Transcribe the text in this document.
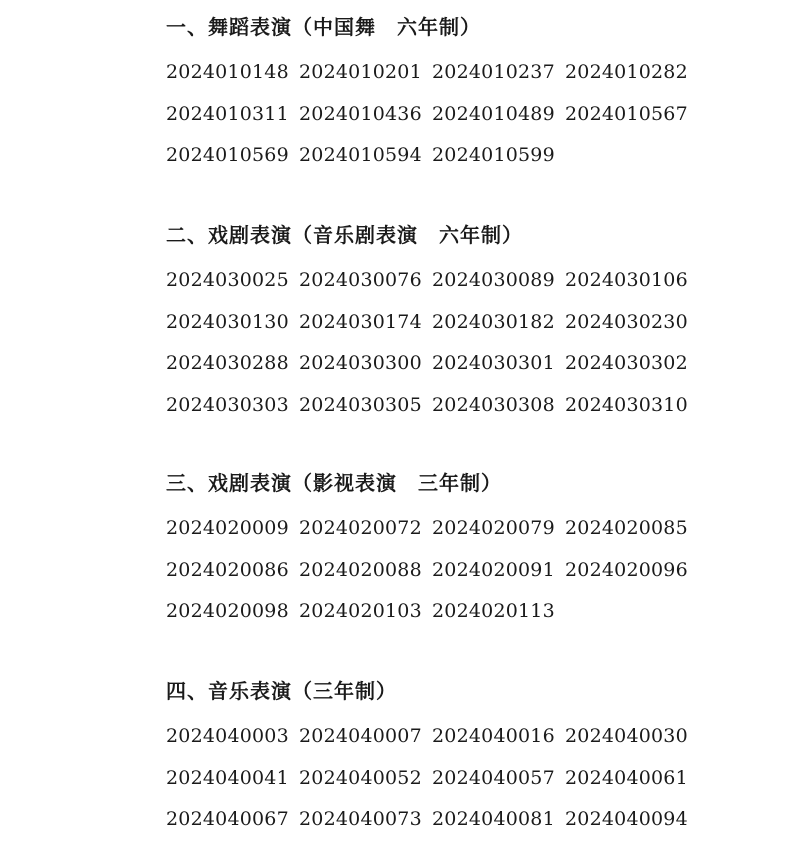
一、舞蹈表演（中国舞　六年制）
2024010148 2024010201 2024010237 2024010282
2024010311 2024010436 2024010489 2024010567
2024010569 2024010594 2024010599
二、戏剧表演（音乐剧表演　六年制）
2024030025 2024030076 2024030089 2024030106
2024030130 2024030174 2024030182 2024030230
2024030288 2024030300 2024030301 2024030302
2024030303 2024030305 2024030308 2024030310
三、戏剧表演（影视表演　三年制）
2024020009 2024020072 2024020079 2024020085
2024020086 2024020088 2024020091 2024020096
2024020098 2024020103 2024020113
四、音乐表演（三年制）
2024040003 2024040007 2024040016 2024040030
2024040041 2024040052 2024040057 2024040061
2024040067 2024040073 2024040081 2024040094
